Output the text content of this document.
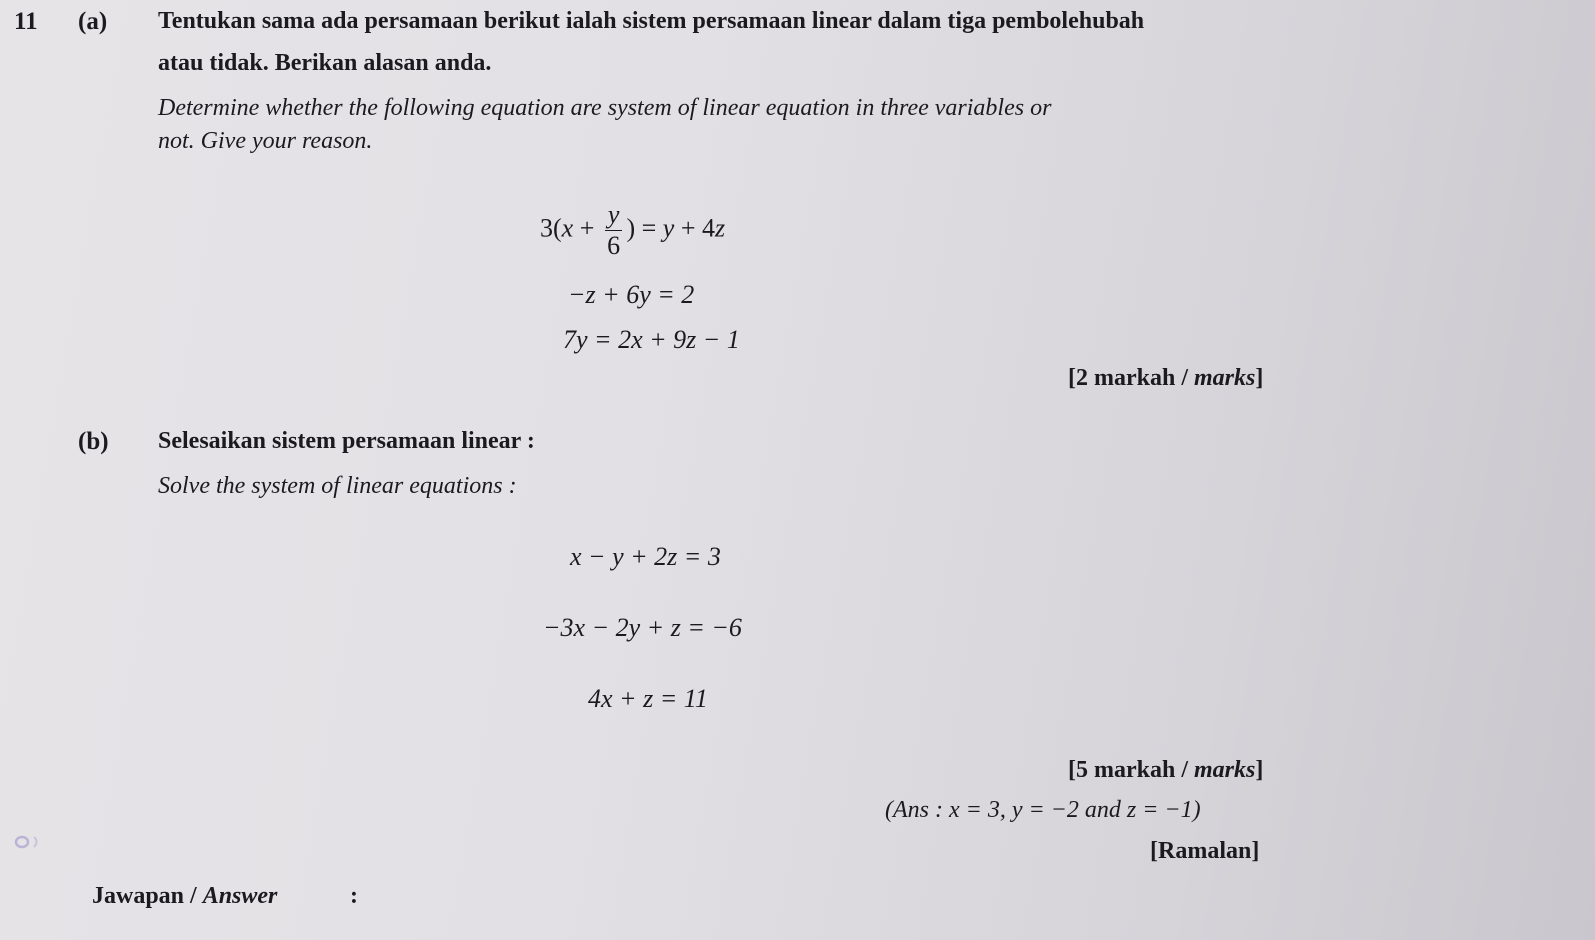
11 (a) Tentukan sama ada persamaan berikut ialah sistem persamaan linear dalam tiga pembolehubah
atau tidak. Berikan alasan anda.
Determine whether the following equation are system of linear equation in three variables or
not. Give your reason.
$3(x + \frac{y}{6}$ ) = y + 4z
−z + 6y = 2
7y = 2x + 9z − 1
[2 markah / marks]
(b) Selesaikan sistem persamaan linear :
Solve the system of linear equations :
x − y + 2z = 3
−3x − 2y + z = −6
4x + z = 11
[5 markah / marks]
(Ans : x = 3, y = −2 and z = −1)
[Ramalan]
Jawapan / Answer	:
